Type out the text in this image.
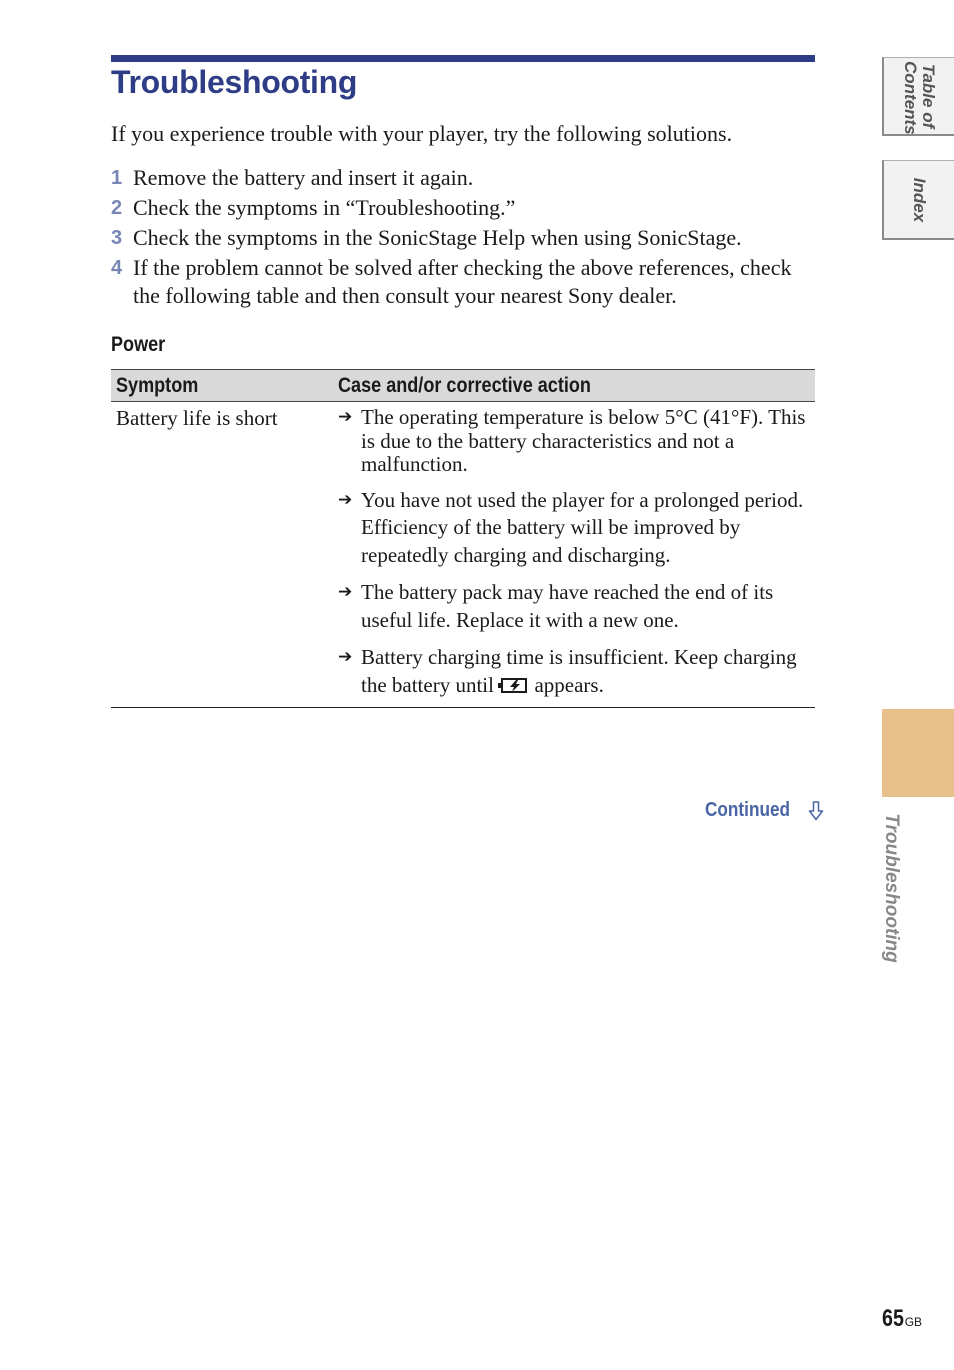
Troubleshooting

If you experience trouble with your player, try the following solutions.

1 Remove the battery and insert it again.
2 Check the symptoms in “Troubleshooting.”
3 Check the symptoms in the SonicStage Help when using SonicStage.
4 If the problem cannot be solved after checking the above references, check the following table and then consult your nearest Sony dealer.
Power
Symptom	Case and/or corrective action
Battery life is short	➔ The operating temperature is below 5°C (41°F). This is due to the battery characteristics and not a malfunction.
➔ You have not used the player for a prolonged period. Efficiency of the battery will be improved by repeatedly charging and discharging.
➔ The battery pack may have reached the end of its useful life. Replace it with a new one.
➔ Battery charging time is insufficient. Keep charging the battery until appears.
Continued
Table of Contents
Index
Troubleshooting
65GB
